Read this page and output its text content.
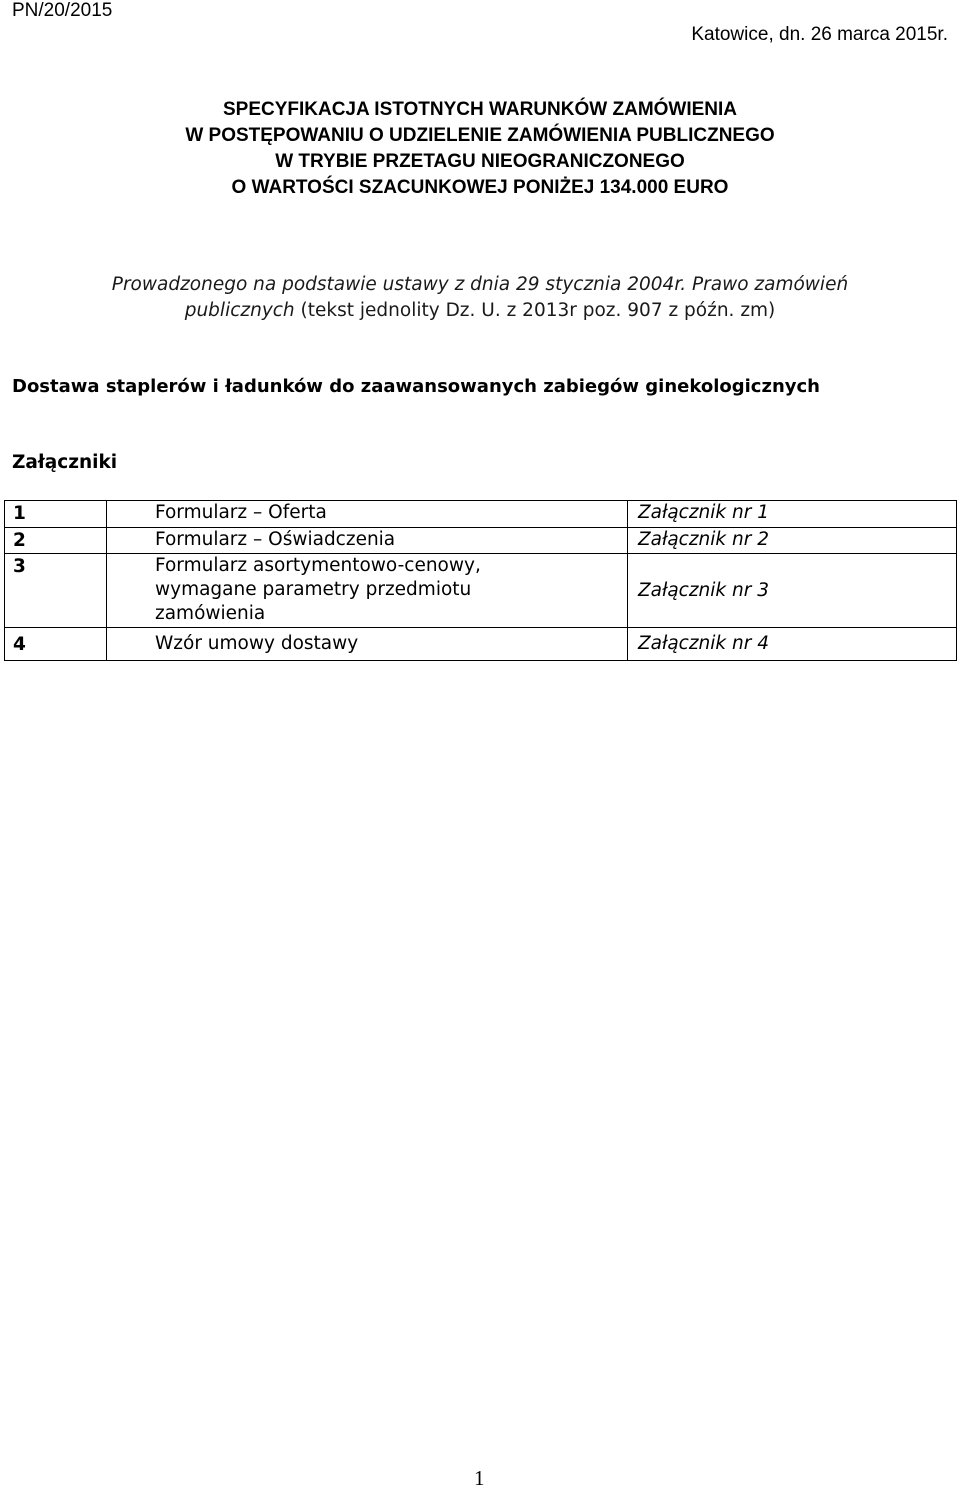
PN/20/2015
Katowice, dn. 26 marca 2015r.
SPECYFIKACJA ISTOTNYCH WARUNKÓW ZAMÓWIENIA
W POSTĘPOWANIU O UDZIELENIE ZAMÓWIENIA PUBLICZNEGO
W TRYBIE PRZETAGU NIEOGRANICZONEGO
O WARTOŚCI SZACUNKOWEJ PONIŻEJ 134.000 EURO
Prowadzonego na podstawie ustawy z dnia 29 stycznia 2004r. Prawo zamówień
publicznych (tekst jednolity Dz. U. z 2013r poz. 907 z późn. zm)
Dostawa staplerów i ładunków do zaawansowanych zabiegów ginekologicznych
Załączniki
1	Formularz – Oferta	Załącznik nr 1
2	Formularz – Oświadczenia	Załącznik nr 2
3	Formularz asortymentowo-cenowy,
wymagane parametry przedmiotu
zamówienia	Załącznik nr 3
4	Wzór umowy dostawy	Załącznik nr 4
1
